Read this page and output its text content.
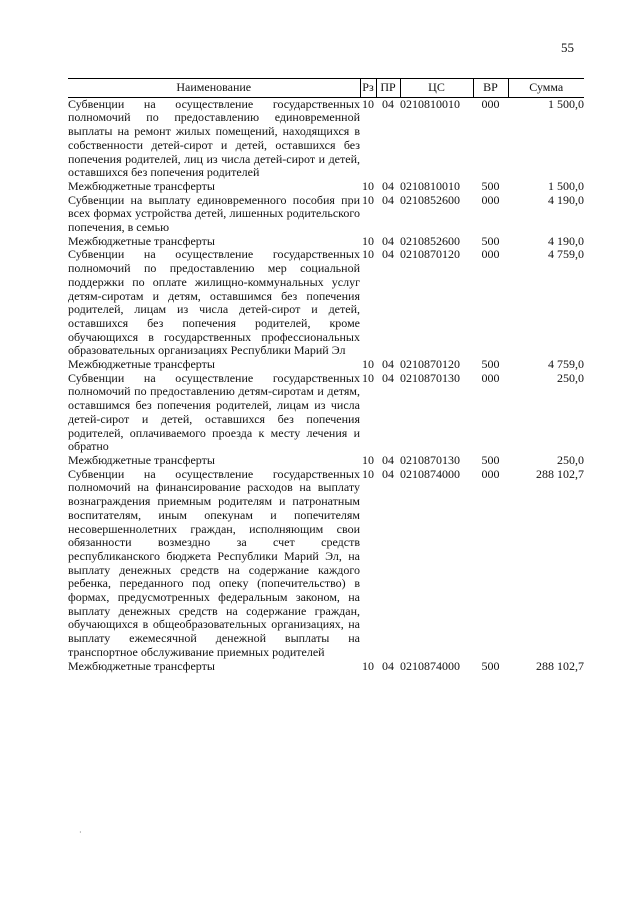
55
Наименование	Рз	ПР	ЦС	ВР	Сумма
Субвенции на осуществление государственных полномочий по предоставлению единовременной выплаты на ремонт жилых помещений, находящихся в собственности детей-сирот и детей, оставшихся без попечения родителей, лиц из числа детей-сирот и детей, оставшихся без попечения родителей	10	04	0210810010	000	1 500,0
Межбюджетные трансферты	10	04	0210810010	500	1 500,0
Субвенции на выплату единовременного пособия при всех формах устройства детей, лишенных родительского попечения, в семью	10	04	0210852600	000	4 190,0
Межбюджетные трансферты	10	04	0210852600	500	4 190,0
Субвенции на осуществление государственных полномочий по предоставлению мер социальной поддержки по оплате жилищно-коммунальных услуг детям-сиротам и детям, оставшимся без попечения родителей, лицам из числа детей-сирот и детей, оставшихся без попечения родителей, кроме обучающихся в государственных профессиональных образовательных организациях Республики Марий Эл	10	04	0210870120	000	4 759,0
Межбюджетные трансферты	10	04	0210870120	500	4 759,0
Субвенции на осуществление государственных полномочий по предоставлению детям-сиротам и детям, оставшимся без попечения родителей, лицам из числа детей-сирот и детей, оставшихся без попечения родителей, оплачиваемого проезда к месту лечения и обратно	10	04	0210870130	000	250,0
Межбюджетные трансферты	10	04	0210870130	500	250,0
Субвенции на осуществление государственных полномочий на финансирование расходов на выплату вознаграждения приемным родителям и патронатным воспитателям, иным опекунам и попечителям несовершеннолетних граждан, исполняющим свои обязанности возмездно за счет средств республиканского бюджета Республики Марий Эл, на выплату денежных средств на содержание каждого ребенка, переданного под опеку (попечительство) в формах, предусмотренных федеральным законом, на выплату денежных средств на содержание граждан, обучающихся в общеобразовательных организациях, на выплату ежемесячной денежной выплаты на транспортное обслуживание приемных родителей	10	04	0210874000	000	288 102,7
Межбюджетные трансферты	10	04	0210874000	500	288 102,7
·
